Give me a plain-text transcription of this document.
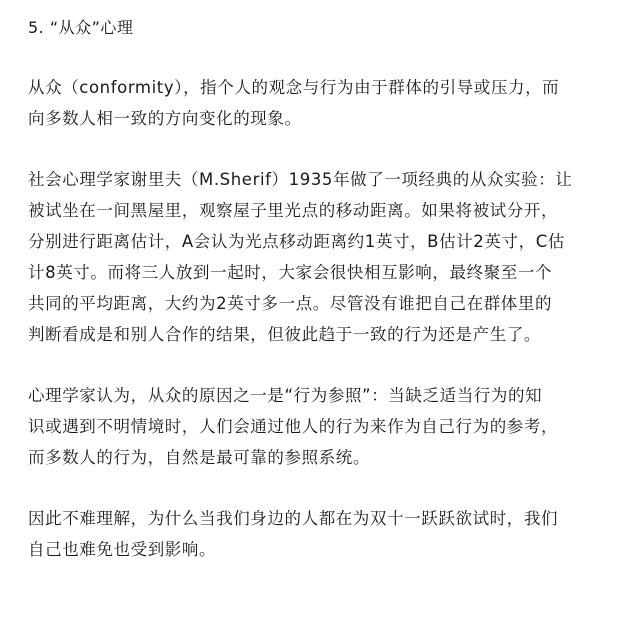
5. “从众”心理

从众（conformity），指个人的观念与行为由于群体的引导或压力，而
向多数人相一致的方向变化的现象。

社会心理学家谢里夫（M.Sherif）1935年做了一项经典的从众实验：让
被试坐在一间黑屋里，观察屋子里光点的移动距离。如果将被试分开，
分别进行距离估计，A会认为光点移动距离约1英寸，B估计2英寸，C估
计8英寸。而将三人放到一起时，大家会很快相互影响，最终聚至一个
共同的平均距离，大约为2英寸多一点。尽管没有谁把自己在群体里的
判断看成是和别人合作的结果，但彼此趋于一致的行为还是产生了。

心理学家认为，从众的原因之一是“行为参照”：当缺乏适当行为的知
识或遇到不明情境时，人们会通过他人的行为来作为自己行为的参考，
而多数人的行为，自然是最可靠的参照系统。

因此不难理解，为什么当我们身边的人都在为双十一跃跃欲试时，我们
自己也难免也受到影响。
